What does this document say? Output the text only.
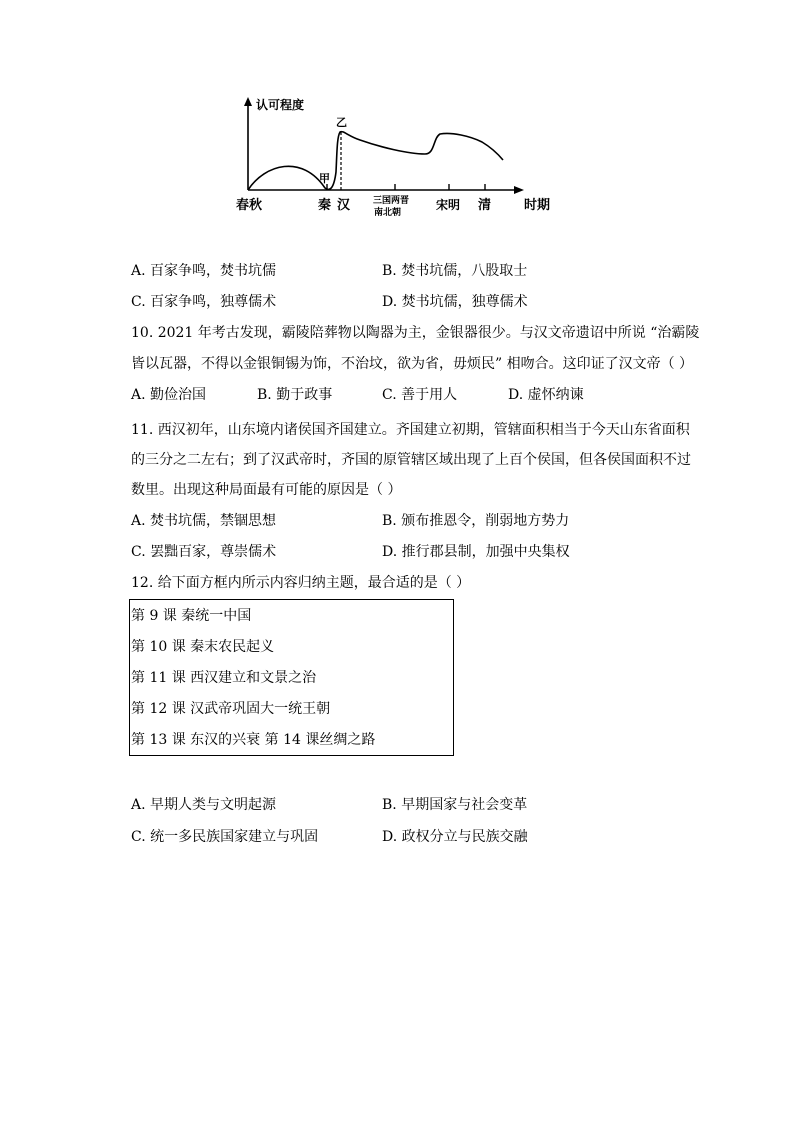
认可程度
乙
甲
春秋	秦 汉	三国两晋
南北朝
宋明 清	时期
A. 百家争鸣，焚书坑儒	B. 焚书坑儒，八股取士
C. 百家争鸣，独尊儒术	D. 焚书坑儒，独尊儒术
10. 2021 年考古发现，霸陵陪葬物以陶器为主，金银器很少。与汉文帝遗诏中所说 “治霸陵
皆以瓦器，不得以金银铜锡为饰，不治坟，欲为省，毋烦民” 相吻合。这印证了汉文帝（ ）
A. 勤俭治国	B. 勤于政事	C. 善于用人	D. 虚怀纳谏
11. 西汉初年，山东境内诸侯国齐国建立。齐国建立初期，管辖面积相当于今天山东省面积
的三分之二左右；到了汉武帝时，齐国的原管辖区域出现了上百个侯国，但各侯国面积不过
数里。出现这种局面最有可能的原因是（ ）
A. 焚书坑儒，禁锢思想	B. 颁布推恩令，削弱地方势力
C. 罢黜百家，尊崇儒术	D. 推行郡县制，加强中央集权
12. 给下面方框内所示内容归纳主题，最合适的是（ ）
第 9 课 秦统一中国
第 10 课 秦末农民起义
第 11 课 西汉建立和文景之治
第 12 课 汉武帝巩固大一统王朝
第 13 课 东汉的兴衰 第 14 课丝绸之路
A. 早期人类与文明起源	B. 早期国家与社会变革
C. 统一多民族国家建立与巩固	D. 政权分立与民族交融
